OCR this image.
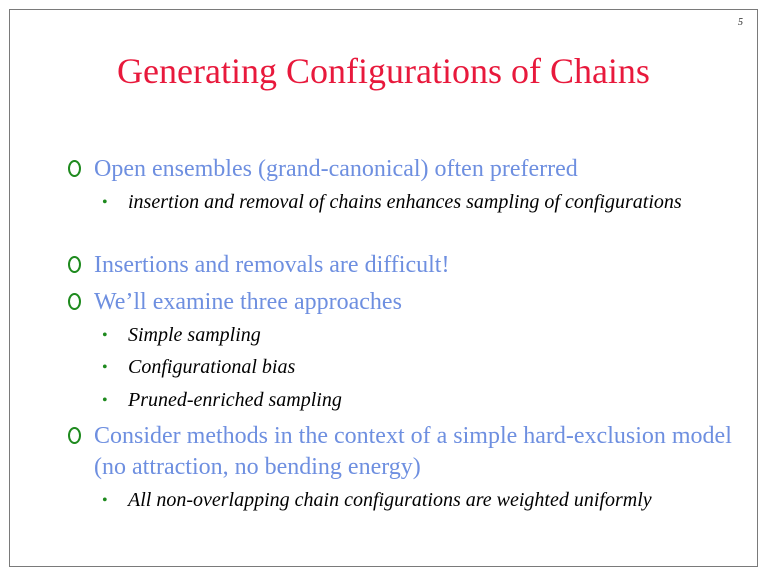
5
Generating Configurations of Chains
Open ensembles (grand-canonical) often preferred
• insertion and removal of chains enhances sampling of configurations
Insertions and removals are difficult!
We’ll examine three approaches
• Simple sampling
• Configurational bias
• Pruned-enriched sampling
Consider methods in the context of a simple hard-exclusion model (no attraction, no bending energy)
• All non-overlapping chain configurations are weighted uniformly
